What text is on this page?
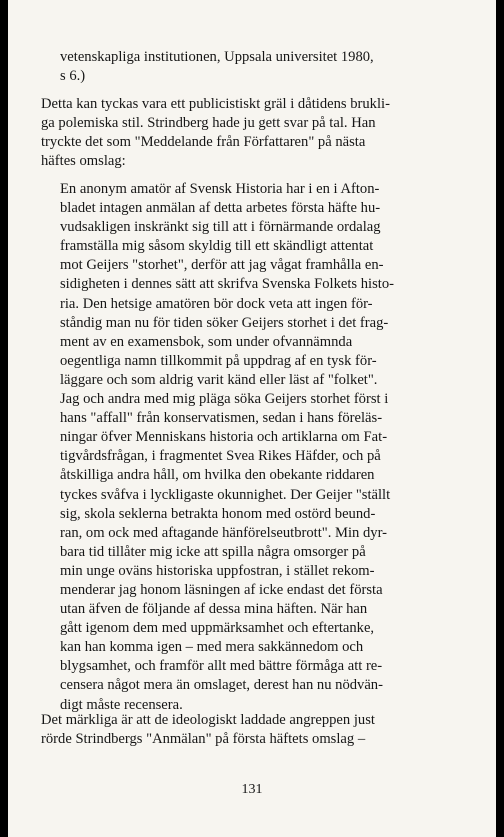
vetenskapliga institutionen, Uppsala universitet 1980,
s 6.)
Detta kan tyckas vara ett publicistiskt gräl i dåtidens brukli-
ga polemiska stil. Strindberg hade ju gett svar på tal. Han
tryckte det som "Meddelande från Författaren" på nästa
häftes omslag:
En anonym amatör af Svensk Historia har i en i Afton-
bladet intagen anmälan af detta arbetes första häfte hu-
vudsakligen inskränkt sig till att i förnärmande ordalag
framställa mig såsom skyldig till ett skändligt attentat
mot Geijers "storhet", derför att jag vågat framhålla en-
sidigheten i dennes sätt att skrifva Svenska Folkets histo-
ria. Den hetsige amatören bör dock veta att ingen för-
ståndig man nu för tiden söker Geijers storhet i det frag-
ment av en examensbok, som under ofvannämnda
oegentliga namn tillkommit på uppdrag af en tysk för-
läggare och som aldrig varit känd eller läst af "folket".
Jag och andra med mig pläga söka Geijers storhet först i
hans "affall" från konservatismen, sedan i hans föreläs-
ningar öfver Menniskans historia och artiklarna om Fat-
tigvårdsfrågan, i fragmentet Svea Rikes Häfder, och på
åtskilliga andra håll, om hvilka den obekante riddaren
tyckes svåfva i lyckligaste okunnighet. Der Geijer "ställt
sig, skola seklerna betrakta honom med ostörd beund-
ran, om ock med aftagande hänförelseutbrott". Min dyr-
bara tid tillåter mig icke att spilla några omsorger på
min unge oväns historiska uppfostran, i stället rekom-
menderar jag honom läsningen af icke endast det första
utan äfven de följande af dessa mina häften. När han
gått igenom dem med uppmärksamhet och eftertanke,
kan han komma igen – med mera sakkännedom och
blygsamhet, och framför allt med bättre förmåga att re-
censera något mera än omslaget, derest han nu nödvän-
digt måste recensera.
Det märkliga är att de ideologiskt laddade angreppen just
rörde Strindbergs "Anmälan" på första häftets omslag –
131
